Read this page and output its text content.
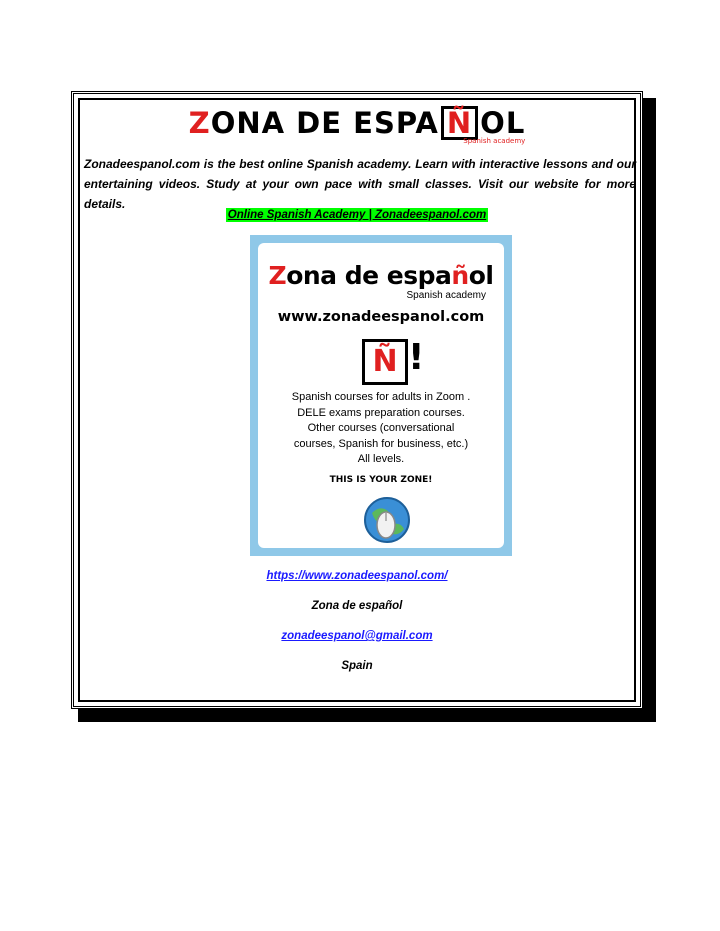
ZONA DE ESPA Ñ OL
Spanish academy
Zonadeespanol.com is the best online Spanish academy. Learn with interactive lessons and our entertaining videos. Study at your own pace with small classes. Visit our website for more details.
Online Spanish Academy | Zonadeespanol.com
Zona de español
Spanish academy
www.zonadeespanol.com
Ñ !
Spanish courses for adults in Zoom .
DELE exams preparation courses.
Other courses (conversational
courses, Spanish for business, etc.)
All levels.
THIS IS YOUR ZONE!
https://www.zonadeespanol.com/
Zona de español
zonadeespanol@gmail.com
Spain
